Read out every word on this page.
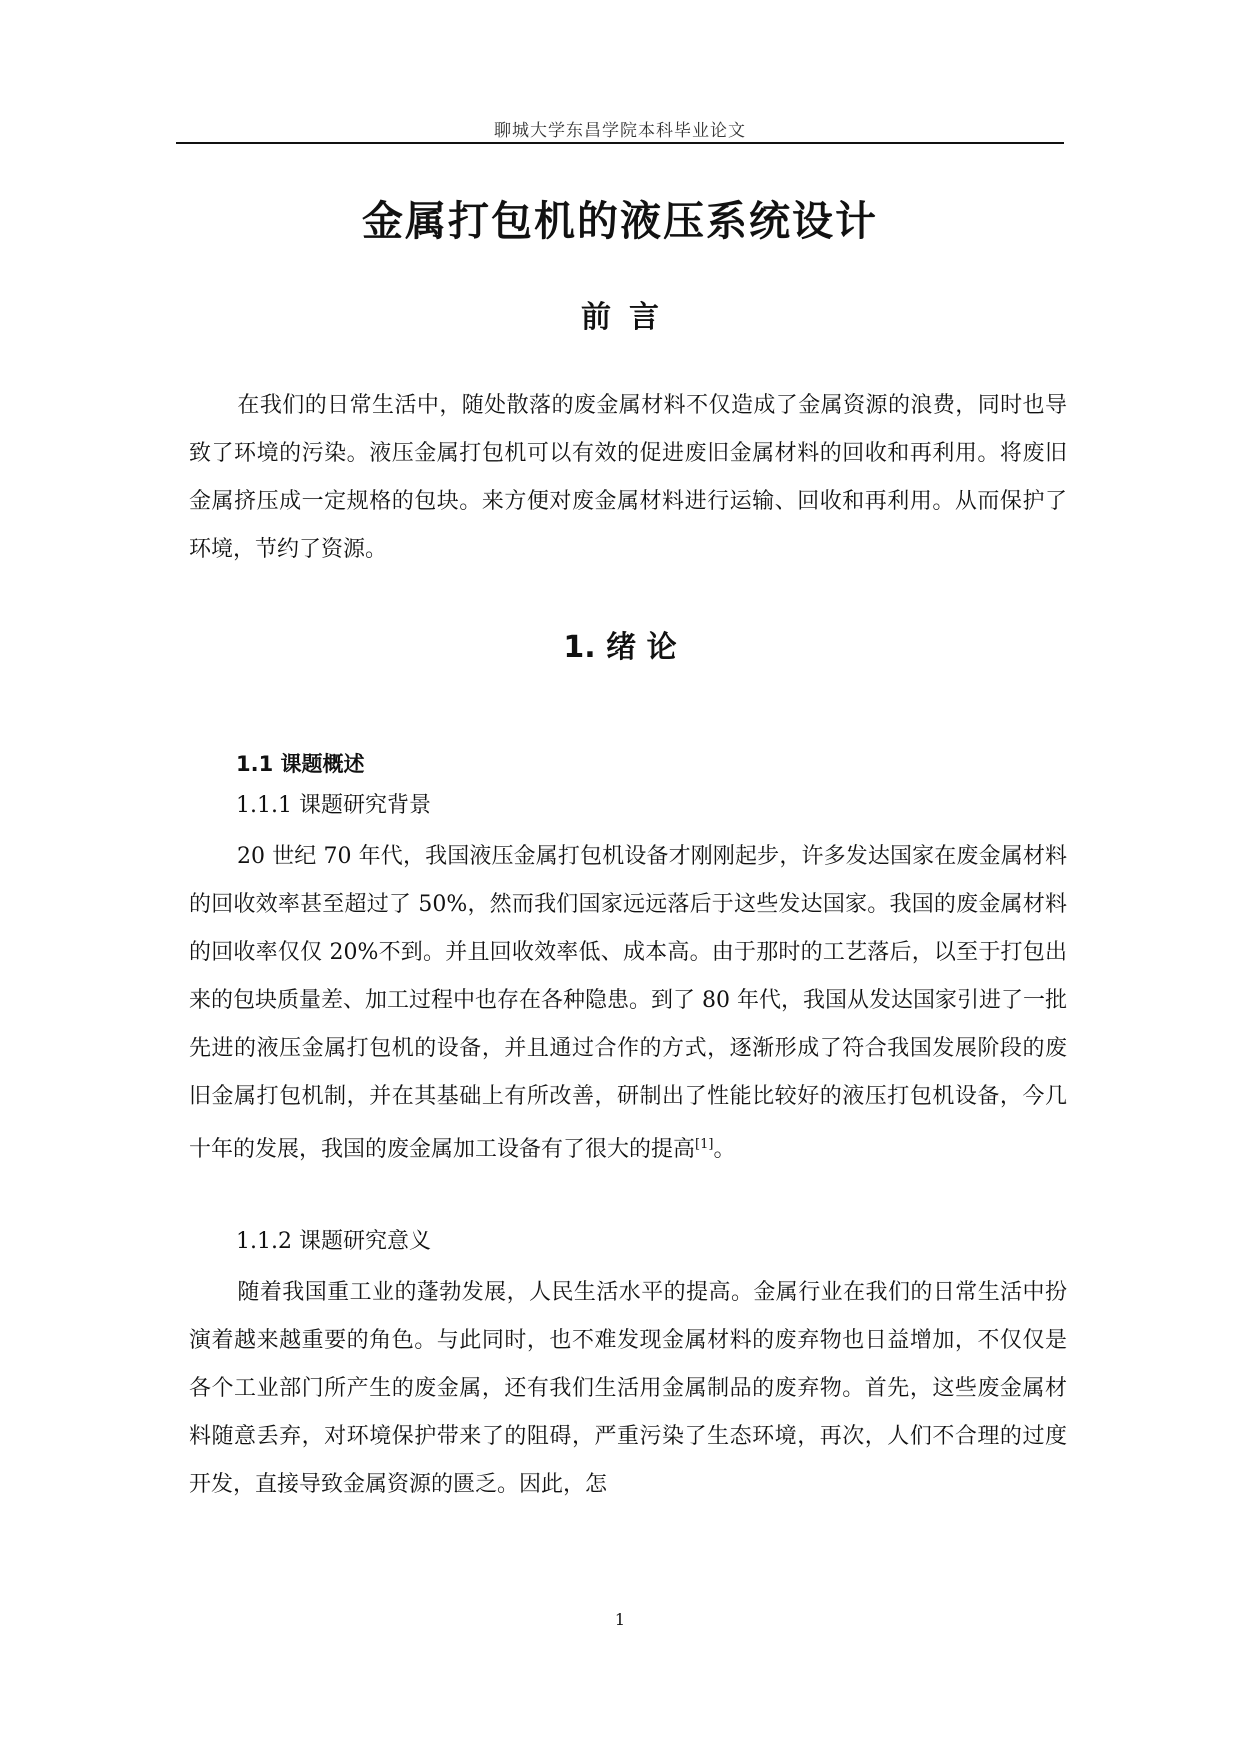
聊城大学东昌学院本科毕业论文
金属打包机的液压系统设计
前言
在我们的日常生活中，随处散落的废金属材料不仅造成了金属资源的浪费，同时也导致了环境的污染。液压金属打包机可以有效的促进废旧金属材料的回收和再利用。将废旧金属挤压成一定规格的包块。来方便对废金属材料进行运输、回收和再利用。从而保护了环境，节约了资源。
1. 绪 论
1.1 课题概述
1.1.1 课题研究背景
20 世纪 70 年代，我国液压金属打包机设备才刚刚起步，许多发达国家在废金属材料的回收效率甚至超过了 50%，然而我们国家远远落后于这些发达国家。我国的废金属材料的回收率仅仅 20%不到。并且回收效率低、成本高。由于那时的工艺落后，以至于打包出来的包块质量差、加工过程中也存在各种隐患。到了 80 年代，我国从发达国家引进了一批先进的液压金属打包机的设备，并且通过合作的方式，逐渐形成了符合我国发展阶段的废旧金属打包机制，并在其基础上有所改善，研制出了性能比较好的液压打包机设备，今几十年的发展，我国的废金属加工设备有了很大的提高[1]。
1.1.2 课题研究意义
随着我国重工业的蓬勃发展，人民生活水平的提高。金属行业在我们的日常生活中扮演着越来越重要的角色。与此同时，也不难发现金属材料的废弃物也日益增加，不仅仅是各个工业部门所产生的废金属，还有我们生活用金属制品的废弃物。首先，这些废金属材料随意丢弃，对环境保护带来了的阻碍，严重污染了生态环境，再次，人们不合理的过度开发，直接导致金属资源的匮乏。因此，怎
1
